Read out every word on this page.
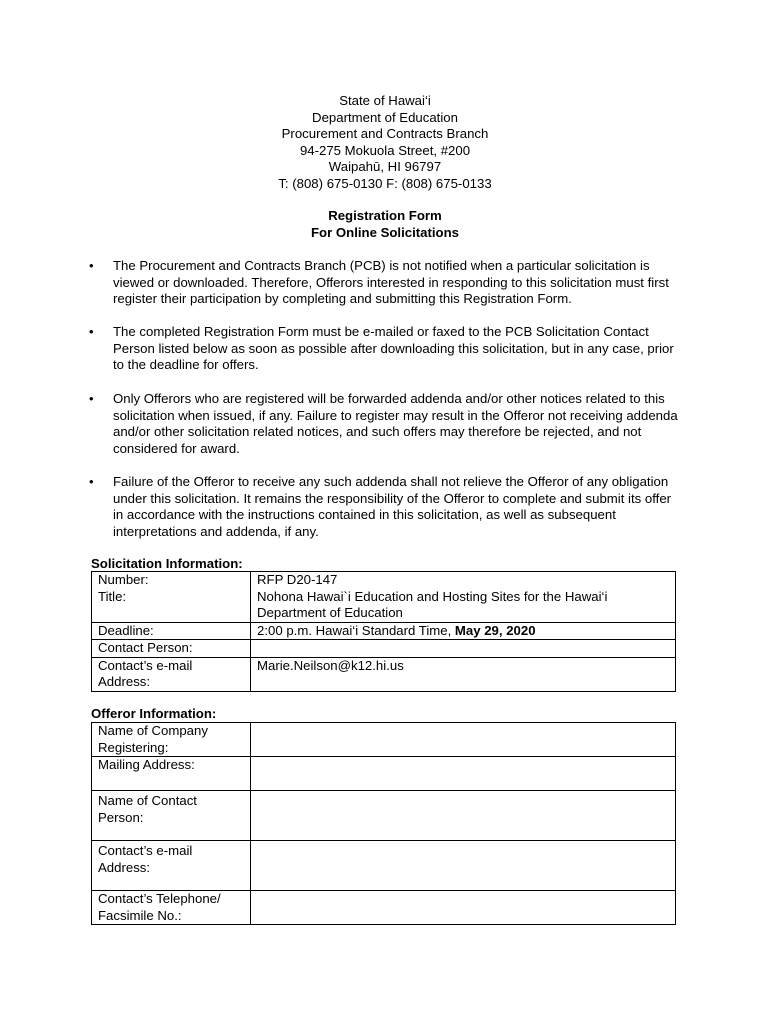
State of Hawai‘i
Department of Education
Procurement and Contracts Branch
94-275 Mokuola Street, #200
Waipahū, HI 96797
T: (808) 675-0130 F: (808) 675-0133
Registration Form
For Online Solicitations
• The Procurement and Contracts Branch (PCB) is not notified when a particular solicitation is viewed or downloaded. Therefore, Offerors interested in responding to this solicitation must first register their participation by completing and submitting this Registration Form.
• The completed Registration Form must be e-mailed or faxed to the PCB Solicitation Contact Person listed below as soon as possible after downloading this solicitation, but in any case, prior to the deadline for offers.
• Only Offerors who are registered will be forwarded addenda and/or other notices related to this solicitation when issued, if any. Failure to register may result in the Offeror not receiving addenda and/or other solicitation related notices, and such offers may therefore be rejected, and not considered for award.
• Failure of the Offeror to receive any such addenda shall not relieve the Offeror of any obligation under this solicitation. It remains the responsibility of the Offeror to complete and submit its offer in accordance with the instructions contained in this solicitation, as well as subsequent interpretations and addenda, if any.
Solicitation Information:
Number:	RFP D20-147
Title:	Nohona Hawai`i Education and Hosting Sites for the Hawai‘i Department of Education
Deadline:	2:00 p.m. Hawai‘i Standard Time, May 29, 2020
Contact Person:	
Contact’s e-mail Address:	Marie.Neilson@k12.hi.us
Offeror Information:
Name of Company Registering:	
Mailing Address:	
Name of Contact Person:	
Contact’s e-mail Address:	
Contact’s Telephone/ Facsimile No.:	
